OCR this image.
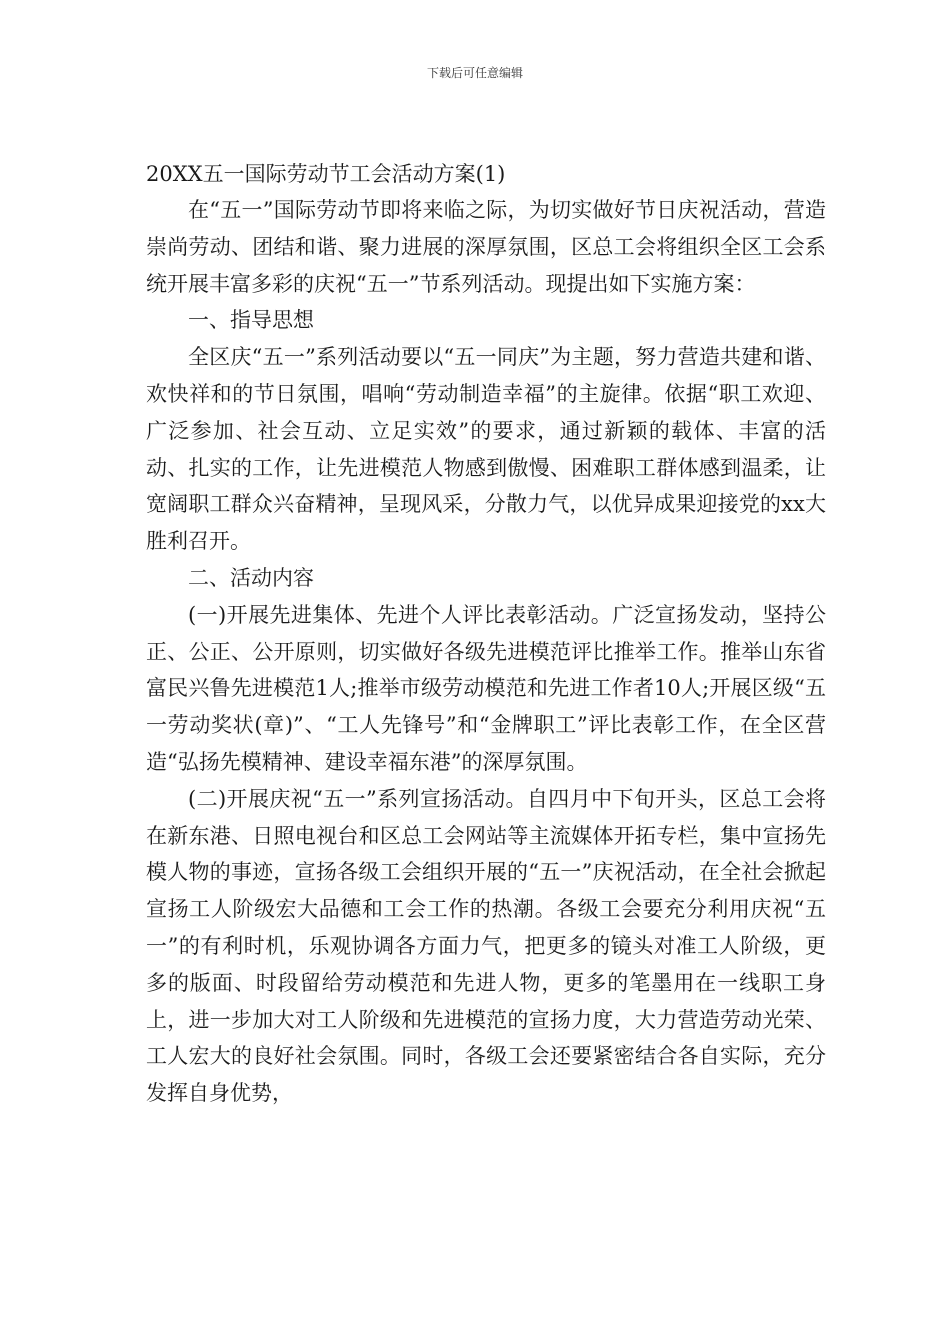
下载后可任意编辑
20XX五一国际劳动节工会活动方案(1)

在“五一”国际劳动节即将来临之际，为切实做好节日庆祝活动，营造崇尚劳动、团结和谐、聚力进展的深厚氛围，区总工会将组织全区工会系统开展丰富多彩的庆祝“五一”节系列活动。现提出如下实施方案：

一、指导思想

全区庆“五一”系列活动要以“五一同庆”为主题，努力营造共建和谐、欢快祥和的节日氛围，唱响“劳动制造幸福”的主旋律。依据“职工欢迎、广泛参加、社会互动、立足实效”的要求，通过新颖的载体、丰富的活动、扎实的工作，让先进模范人物感到傲慢、困难职工群体感到温柔，让宽阔职工群众兴奋精神，呈现风采，分散力气，以优异成果迎接党的xx大胜利召开。

二、活动内容

(一)开展先进集体、先进个人评比表彰活动。广泛宣扬发动，坚持公正、公正、公开原则，切实做好各级先进模范评比推举工作。推举山东省富民兴鲁先进模范1人;推举市级劳动模范和先进工作者10人;开展区级“五一劳动奖状(章)”、“工人先锋号”和“金牌职工”评比表彰工作，在全区营造“弘扬先模精神、建设幸福东港”的深厚氛围。

(二)开展庆祝“五一”系列宣扬活动。自四月中下旬开头，区总工会将在新东港、日照电视台和区总工会网站等主流媒体开拓专栏，集中宣扬先模人物的事迹，宣扬各级工会组织开展的“五一”庆祝活动，在全社会掀起宣扬工人阶级宏大品德和工会工作的热潮。各级工会要充分利用庆祝“五一”的有利时机，乐观协调各方面力气，把更多的镜头对准工人阶级，更多的版面、时段留给劳动模范和先进人物，更多的笔墨用在一线职工身上，进一步加大对工人阶级和先进模范的宣扬力度，大力营造劳动光荣、工人宏大的良好社会氛围。同时，各级工会还要紧密结合各自实际，充分发挥自身优势，
